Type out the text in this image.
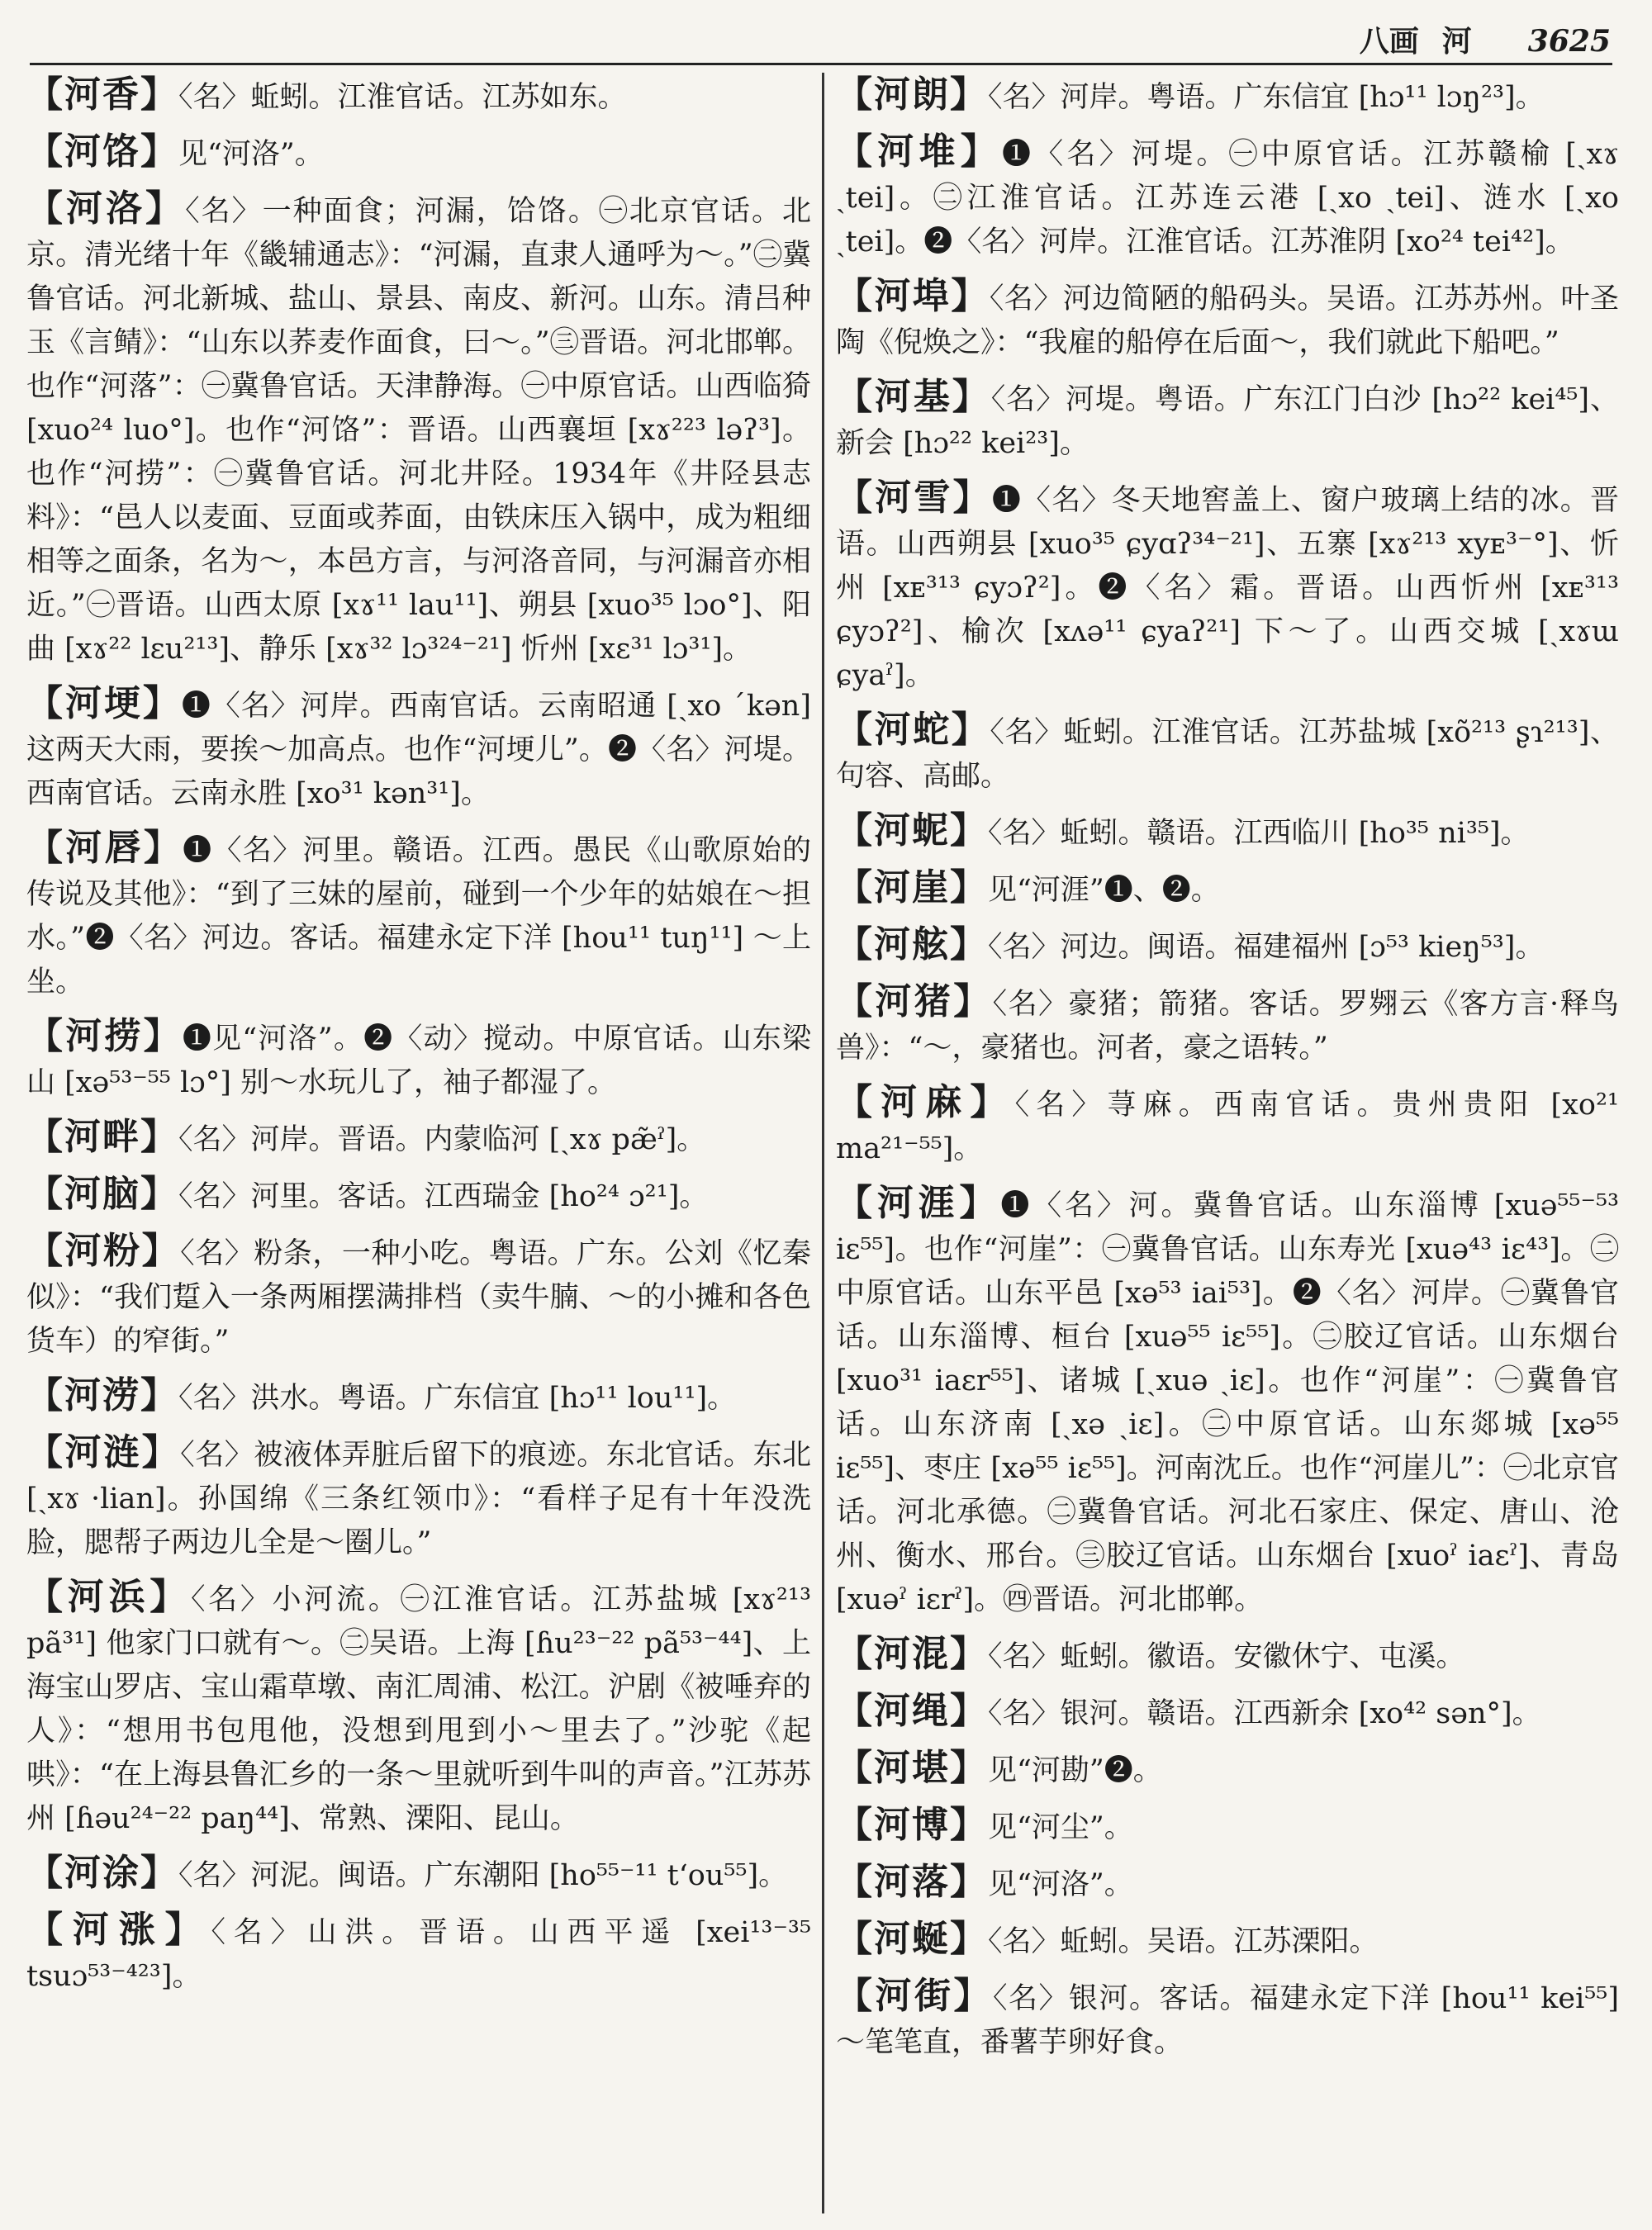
八画 河 3625
【河香】〈名〉蚯蚓。江淮官话。江苏如东。
【河饹】见“河洛”。
【河洛】〈名〉一种面食；河漏，饸饹。㊀北京官话。北京。清光绪十年《畿辅通志》：“河漏，直隶人通呼为～。”㊁冀鲁官话。河北新城、盐山、景县、南皮、新河。山东。清吕种玉《言鲭》：“山东以荞麦作面食，曰～。”㊂晋语。河北邯郸。也作“河落”：㊀冀鲁官话。天津静海。㊀中原官话。山西临猗 [xuo²⁴ luo°]。也作“河饹”：晋语。山西襄垣 [xɤ²²³ ləʔ³]。也作“河捞”：㊀冀鲁官话。河北井陉。1934年《井陉县志料》：“邑人以麦面、豆面或荞面，由铁床压入锅中，成为粗细相等之面条，名为～，本邑方言，与河洛音同，与河漏音亦相近。”㊀晋语。山西太原 [xɤ¹¹ lau¹¹]、朔县 [xuo³⁵ lɔo°]、阳曲 [xɤ²² lɛu²¹³]、静乐 [xɤ³² lɔ³²⁴⁻²¹] 忻州 [xɛ³¹ lɔ³¹]。
【河埂】❶〈名〉河岸。西南官话。云南昭通 [ˏxo ˊkən] 这两天大雨，要挨～加高点。也作“河埂儿”。❷〈名〉河堤。西南官话。云南永胜 [xo³¹ kən³¹]。
【河唇】❶〈名〉河里。赣语。江西。愚民《山歌原始的传说及其他》：“到了三妹的屋前，碰到一个少年的姑娘在～担水。”❷〈名〉河边。客话。福建永定下洋 [hou¹¹ tuŋ¹¹] ～上坐。
【河捞】❶见“河洛”。❷〈动〉搅动。中原官话。山东梁山 [xə⁵³⁻⁵⁵ lɔ°] 别～水玩儿了，袖子都湿了。
【河畔】〈名〉河岸。晋语。内蒙临河 [ˏxɤ pæ̃ˀ]。
【河脑】〈名〉河里。客话。江西瑞金 [ho²⁴ ɔ²¹]。
【河粉】〈名〉粉条，一种小吃。粤语。广东。公刘《忆秦似》：“我们踅入一条两厢摆满排档（卖牛腩、～的小摊和各色货车）的窄街。”
【河涝】〈名〉洪水。粤语。广东信宜 [hɔ¹¹ lou¹¹]。
【河涟】〈名〉被液体弄脏后留下的痕迹。东北官话。东北 [ˏxɤ ·lian]。孙国绵《三条红领巾》：“看样子足有十年没洗脸，腮帮子两边儿全是～圈儿。”
【河浜】〈名〉小河流。㊀江淮官话。江苏盐城 [xɤ²¹³ pã³¹] 他家门口就有～。㊁吴语。上海 [ɦu²³⁻²² pã⁵³⁻⁴⁴]、上海宝山罗店、宝山霜草墩、南汇周浦、松江。沪剧《被唾弃的人》：“想用书包甩他，没想到甩到小～里去了。”沙驼《起哄》：“在上海县鲁汇乡的一条～里就听到牛叫的声音。”江苏苏州 [ɦəu²⁴⁻²² paŋ⁴⁴]、常熟、溧阳、昆山。
【河涂】〈名〉河泥。闽语。广东潮阳 [ho⁵⁵⁻¹¹ tʻou⁵⁵]。
【河涨】〈名〉山洪。晋语。山西平遥 [xei¹³⁻³⁵ tsuɔ⁵³⁻⁴²³]。
【河朗】〈名〉河岸。粤语。广东信宜 [hɔ¹¹ lɔŋ²³]。
【河堆】❶〈名〉河堤。㊀中原官话。江苏赣榆 [ˏxɤ ˏtei]。㊁江淮官话。江苏连云港 [ˏxo ˏtei]、涟水 [ˏxo ˏtei]。❷〈名〉河岸。江淮官话。江苏淮阴 [xo²⁴ tei⁴²]。
【河埠】〈名〉河边简陋的船码头。吴语。江苏苏州。叶圣陶《倪焕之》：“我雇的船停在后面～，我们就此下船吧。”
【河基】〈名〉河堤。粤语。广东江门白沙 [hɔ²² kei⁴⁵]、新会 [hɔ²² kei²³]。
【河雪】❶〈名〉冬天地窖盖上、窗户玻璃上结的冰。晋语。山西朔县 [xuo³⁵ ɕyɑʔ³⁴⁻²¹]、五寨 [xɤ²¹³ xyᴇ³⁻°]、忻州 [xᴇ³¹³ ɕyɔʔ²]。❷〈名〉霜。晋语。山西忻州 [xᴇ³¹³ ɕyɔʔ²]、榆次 [xʌə¹¹ ɕyaʔ²¹] 下～了。山西交城 [ˏxɤɯ ɕyaˀ]。
【河蛇】〈名〉蚯蚓。江淮官话。江苏盐城 [xõ²¹³ ʂɿ²¹³]、句容、高邮。
【河蚭】〈名〉蚯蚓。赣语。江西临川 [ho³⁵ ni³⁵]。
【河崖】见“河涯”❶、❷。
【河舷】〈名〉河边。闽语。福建福州 [ɔ⁵³ kieŋ⁵³]。
【河猪】〈名〉豪猪；箭猪。客话。罗翙云《客方言·释鸟兽》：“～，豪猪也。河者，豪之语转。”
【河麻】〈名〉荨麻。西南官话。贵州贵阳 [xo²¹ ma²¹⁻⁵⁵]。
【河涯】❶〈名〉河。冀鲁官话。山东淄博 [xuə⁵⁵⁻⁵³ iɛ⁵⁵]。也作“河崖”：㊀冀鲁官话。山东寿光 [xuə⁴³ iɛ⁴³]。㊁中原官话。山东平邑 [xə⁵³ iai⁵³]。❷〈名〉河岸。㊀冀鲁官话。山东淄博、桓台 [xuə⁵⁵ iɛ⁵⁵]。㊁胶辽官话。山东烟台 [xuo³¹ iaɛr⁵⁵]、诸城 [ˏxuə ˏiɛ]。也作“河崖”：㊀冀鲁官话。山东济南 [ˏxə ˏiɛ]。㊁中原官话。山东郯城 [xə⁵⁵ iɛ⁵⁵]、枣庄 [xə⁵⁵ iɛ⁵⁵]。河南沈丘。也作“河崖儿”：㊀北京官话。河北承德。㊁冀鲁官话。河北石家庄、保定、唐山、沧州、衡水、邢台。㊂胶辽官话。山东烟台 [xuoˀ iaɛˀ]、青岛 [xuəˀ iɛrˀ]。㊃晋语。河北邯郸。
【河混】〈名〉蚯蚓。徽语。安徽休宁、屯溪。
【河绳】〈名〉银河。赣语。江西新余 [xo⁴² sən°]。
【河堪】见“河勘”❷。
【河博】见“河尘”。
【河落】见“河洛”。
【河蜒】〈名〉蚯蚓。吴语。江苏溧阳。
【河街】〈名〉银河。客话。福建永定下洋 [hou¹¹ kei⁵⁵] ～笔笔直，番薯芋卵好食。
